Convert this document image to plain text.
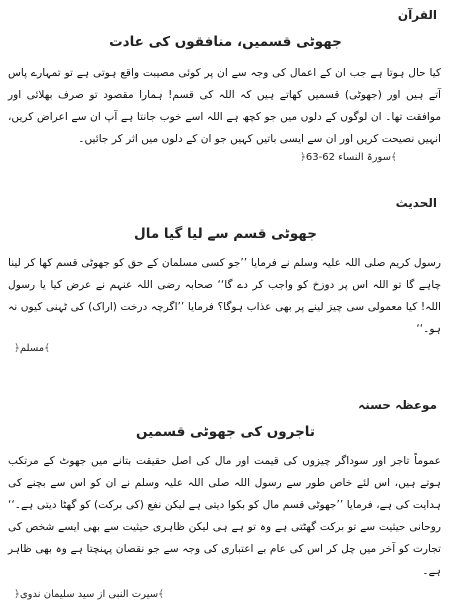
القرآن
جھوٹی قسمیں، منافقوں کی عادت
کیا حال ہوتا ہے جب ان کے اعمال کی وجہ سے ان پر کوئی مصیبت واقع ہوتی ہے تو تمہارے پاس آتے ہیں اور (جھوٹی) قسمیں کھاتے ہیں کہ اللہ کی قسم! ہمارا مقصود تو صرف بھلائی اور موافقت تھا۔ ان لوگوں کے دلوں میں جو کچھ ہے اللہ اسے خوب جانتا ہے آپ ان سے اعراض کریں، انہیں نصیحت کریں اور ان سے ایسی باتیں کہیں جو ان کے دلوں میں اثر کر جائیں۔
﴾سورۃ النساء 62-63﴿
الحدیث
جھوٹی قسم سے لیا گیا مال
رسول کریم صلی اللہ علیہ وسلم نے فرمایا ’’جو کسی مسلمان کے حق کو جھوٹی قسم کھا کر لینا چاہے گا تو اللہ اس پر دوزخ کو واجب کر دے گا‘‘ صحابہ رضی اللہ عنہم نے عرض کیا یا رسول اللہ! کیا معمولی سی چیز لینے پر بھی عذاب ہوگا؟ فرمایا ’’اگرچہ درخت (اراک) کی ٹہنی کیوں نہ ہو۔‘‘
﴾مسلم﴿
موعظہ حسنہ
تاجروں کی جھوٹی قسمیں
عموماً تاجر اور سوداگر چیزوں کی قیمت اور مال کی اصل حقیقت بتانے میں جھوٹ کے مرتکب ہوتے ہیں، اس لئے خاص طور سے رسول اللہ صلی اللہ علیہ وسلم نے ان کو اس سے بچنے کی ہدایت کی ہے، فرمایا ’’جھوٹی قسم مال کو بکوا دیتی ہے لیکن نفع (کی برکت) کو گھٹا دیتی ہے۔‘‘ روحانی حیثیت سے تو برکت گھٹتی ہے وہ تو ہے ہی لیکن ظاہری حیثیت سے بھی ایسے شخص کی تجارت کو آخر میں چل کر اس کی عام بے اعتباری کی وجہ سے جو نقصان پہنچتا ہے وہ بھی ظاہر ہے۔
﴾سیرت النبی از سید سلیمان ندوی﴿
